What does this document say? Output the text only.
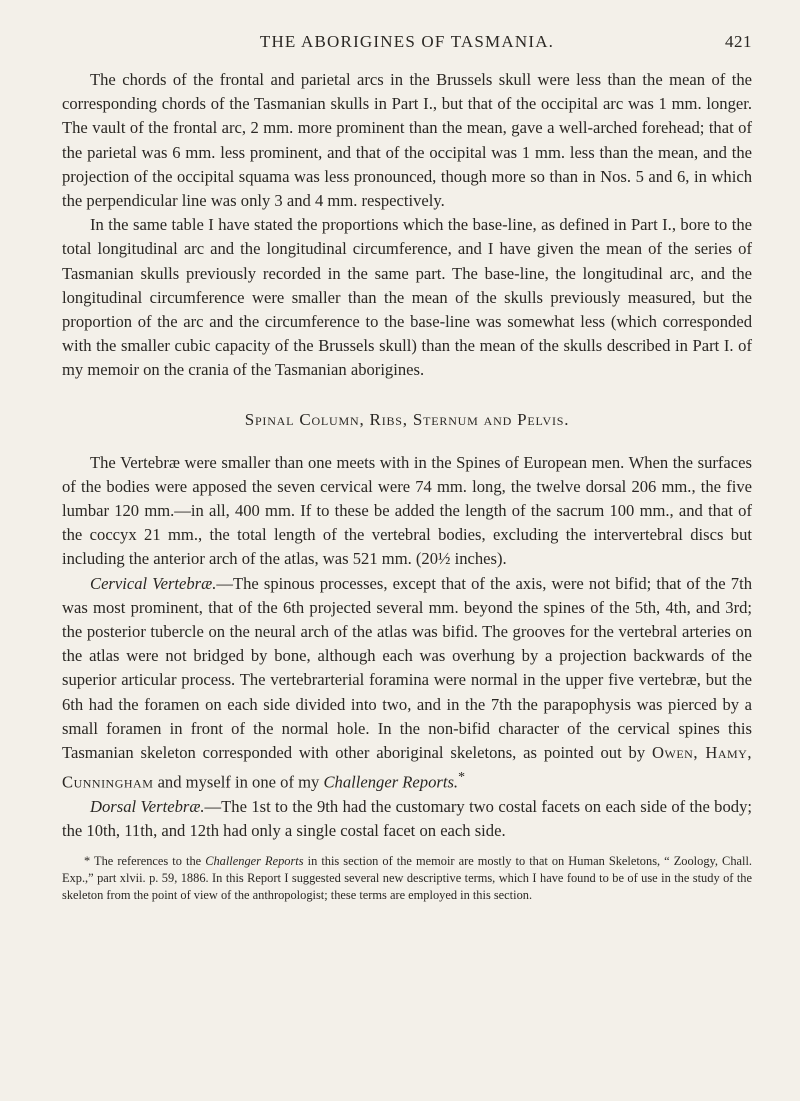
THE ABORIGINES OF TASMANIA.	421

The chords of the frontal and parietal arcs in the Brussels skull were less than the mean of the corresponding chords of the Tasmanian skulls in Part I., but that of the occipital arc was 1 mm. longer. The vault of the frontal arc, 2 mm. more prominent than the mean, gave a well-arched forehead; that of the parietal was 6 mm. less prominent, and that of the occipital was 1 mm. less than the mean, and the projection of the occipital squama was less pronounced, though more so than in Nos. 5 and 6, in which the perpendicular line was only 3 and 4 mm. respectively.

In the same table I have stated the proportions which the base-line, as defined in Part I., bore to the total longitudinal arc and the longitudinal circumference, and I have given the mean of the series of Tasmanian skulls previously recorded in the same part. The base-line, the longitudinal arc, and the longitudinal circumference were smaller than the mean of the skulls previously measured, but the proportion of the arc and the circumference to the base-line was somewhat less (which corresponded with the smaller cubic capacity of the Brussels skull) than the mean of the skulls described in Part I. of my memoir on the crania of the Tasmanian aborigines.

Spinal Column, Ribs, Sternum and Pelvis.

The Vertebræ were smaller than one meets with in the Spines of European men. When the surfaces of the bodies were apposed the seven cervical were 74 mm. long, the twelve dorsal 206 mm., the five lumbar 120 mm.—in all, 400 mm. If to these be added the length of the sacrum 100 mm., and that of the coccyx 21 mm., the total length of the vertebral bodies, excluding the intervertebral discs but including the anterior arch of the atlas, was 521 mm. (20½ inches).

Cervical Vertebræ.—The spinous processes, except that of the axis, were not bifid; that of the 7th was most prominent, that of the 6th projected several mm. beyond the spines of the 5th, 4th, and 3rd; the posterior tubercle on the neural arch of the atlas was bifid. The grooves for the vertebral arteries on the atlas were not bridged by bone, although each was overhung by a projection backwards of the superior articular process. The vertebrarterial foramina were normal in the upper five vertebræ, but the 6th had the foramen on each side divided into two, and in the 7th the parapophysis was pierced by a small foramen in front of the normal hole. In the non-bifid character of the cervical spines this Tasmanian skeleton corresponded with other aboriginal skeletons, as pointed out by Owen, Hamy, Cunningham and myself in one of my Challenger Reports.*

Dorsal Vertebræ.—The 1st to the 9th had the customary two costal facets on each side of the body; the 10th, 11th, and 12th had only a single costal facet on each side.

* The references to the Challenger Reports in this section of the memoir are mostly to that on Human Skeletons, “ Zoology, Chall. Exp.,” part xlvii. p. 59, 1886. In this Report I suggested several new descriptive terms, which I have found to be of use in the study of the skeleton from the point of view of the anthropologist; these terms are employed in this section.
